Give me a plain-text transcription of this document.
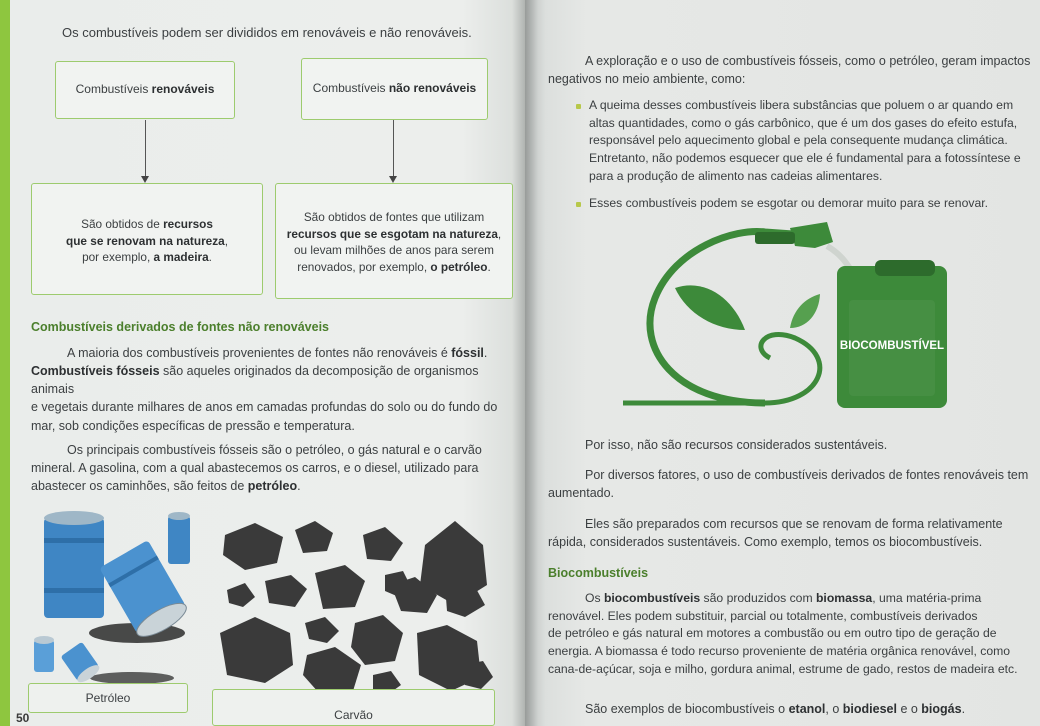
Os combustíveis podem ser divididos em renováveis e não renováveis.
Combustíveis renováveis	Combustíveis não renováveis
São obtidos de recursos
que se renovam na natureza,
por exemplo, a madeira.
São obtidos de fontes que utilizam
recursos que se esgotam na natureza,
ou levam milhões de anos para serem
renovados, por exemplo, o petróleo.
Combustíveis derivados de fontes não renováveis
A maioria dos combustíveis provenientes de fontes não renováveis é fóssil.
Combustíveis fósseis são aqueles originados da decomposição de organismos animais
e vegetais durante milhares de anos em camadas profundas do solo ou do fundo do
mar, sob condições específicas de pressão e temperatura.
Os principais combustíveis fósseis são o petróleo, o gás natural e o carvão
mineral. A gasolina, com a qual abastecemos os carros, e o diesel, utilizado para
abastecer os caminhões, são feitos de petróleo.
Petróleo
Carvão
50
A exploração e o uso de combustíveis fósseis, como o petróleo, geram impactos
negativos no meio ambiente, como:
A queima desses combustíveis libera substâncias que poluem o ar quando em
altas quantidades, como o gás carbônico, que é um dos gases do efeito estufa,
responsável pelo aquecimento global e pela consequente mudança climática.
Entretanto, não podemos esquecer que ele é fundamental para a fotossíntese e
para a produção de alimento nas cadeias alimentares.
Esses combustíveis podem se esgotar ou demorar muito para se renovar.
BIOCOMBUSTÍVEL
Por isso, não são recursos considerados sustentáveis.
Por diversos fatores, o uso de combustíveis derivados de fontes renováveis tem
aumentado.
Eles são preparados com recursos que se renovam de forma relativamente
rápida, considerados sustentáveis. Como exemplo, temos os biocombustíveis.
Biocombustíveis
Os biocombustíveis são produzidos com biomassa, uma matéria-prima
renovável. Eles podem substituir, parcial ou totalmente, combustíveis derivados
de petróleo e gás natural em motores a combustão ou em outro tipo de geração de
energia. A biomassa é todo recurso proveniente de matéria orgânica renovável, como
cana-de-açúcar, soja e milho, gordura animal, estrume de gado, restos de madeira etc.
São exemplos de biocombustíveis o etanol, o biodiesel e o biogás.
